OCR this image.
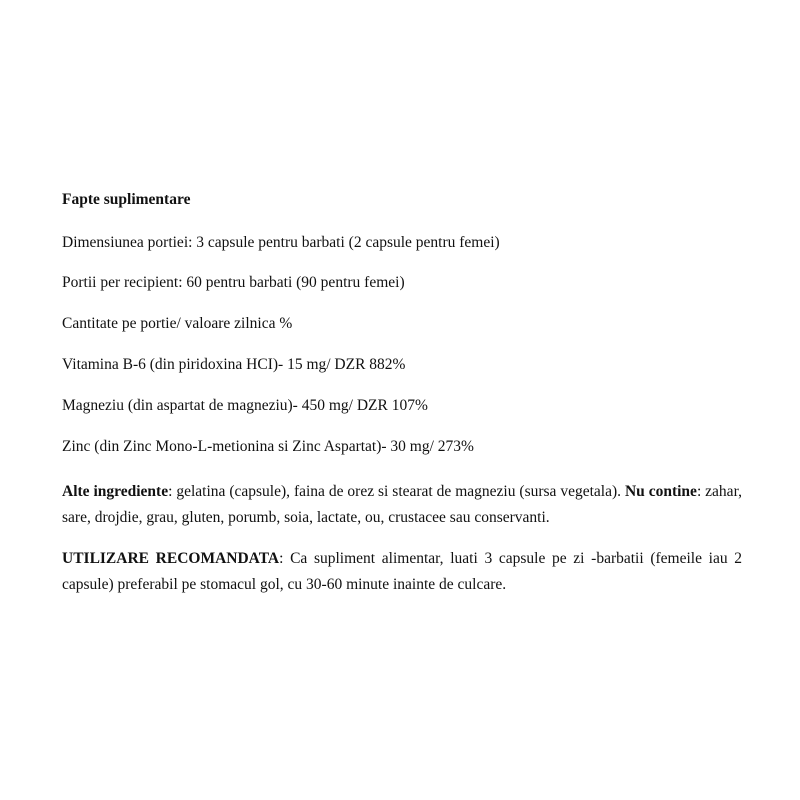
Fapte suplimentare

Dimensiunea portiei: 3 capsule pentru barbati (2 capsule pentru femei)

Portii per recipient: 60 pentru barbati (90 pentru femei)

Cantitate pe portie/ valoare zilnica %

Vitamina B-6 (din piridoxina HCI)- 15 mg/ DZR 882%

Magneziu (din aspartat de magneziu)- 450 mg/ DZR 107%

Zinc (din Zinc Mono-L-metionina si Zinc Aspartat)- 30 mg/ 273%

Alte ingrediente: gelatina (capsule), faina de orez si stearat de magneziu (sursa vegetala). Nu contine: zahar, sare, drojdie, grau, gluten, porumb, soia, lactate, ou, crustacee sau conservanti.

UTILIZARE RECOMANDATA: Ca supliment alimentar, luati 3 capsule pe zi -barbatii (femeile iau 2 capsule) preferabil pe stomacul gol, cu 30-60 minute inainte de culcare.
